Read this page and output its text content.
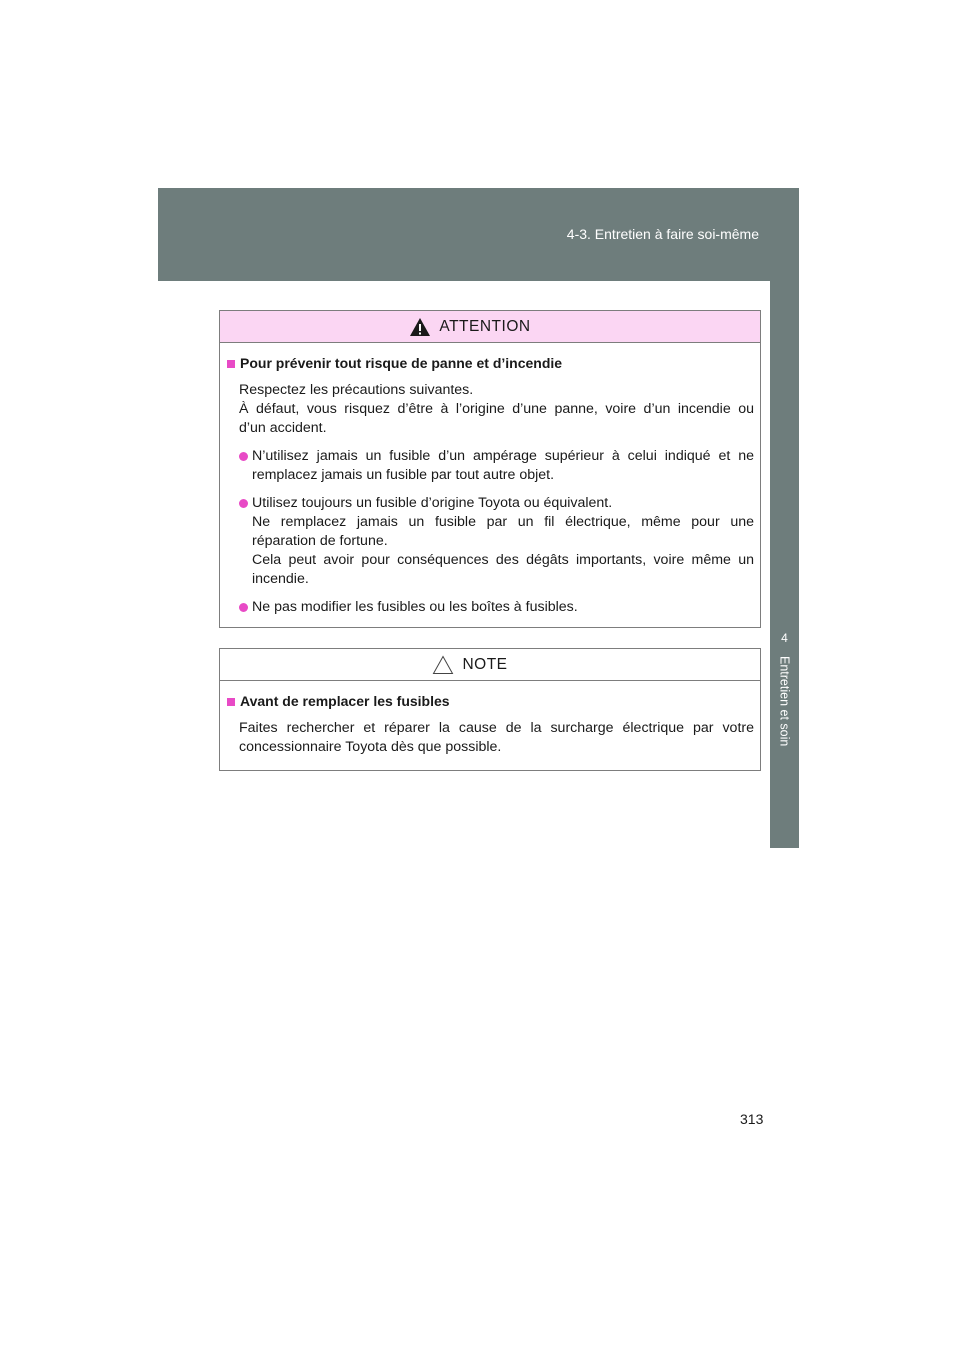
4-3. Entretien à faire soi-même
4
Entretien et soin
ATTENTION
Pour prévenir tout risque de panne et d’incendie
Respectez les précautions suivantes.
À défaut, vous risquez d’être à l’origine d’une panne, voire d’un incendie ou
d’un accident.
N’utilisez jamais un fusible d’un ampérage supérieur à celui indiqué et ne
remplacez jamais un fusible par tout autre objet.
Utilisez toujours un fusible d’origine Toyota ou équivalent.
Ne remplacez jamais un fusible par un fil électrique, même pour une
réparation de fortune.
Cela peut avoir pour conséquences des dégâts importants, voire même un
incendie.
Ne pas modifier les fusibles ou les boîtes à fusibles.
NOTE
Avant de remplacer les fusibles
Faites rechercher et réparer la cause de la surcharge électrique par votre
concessionnaire Toyota dès que possible.
313
